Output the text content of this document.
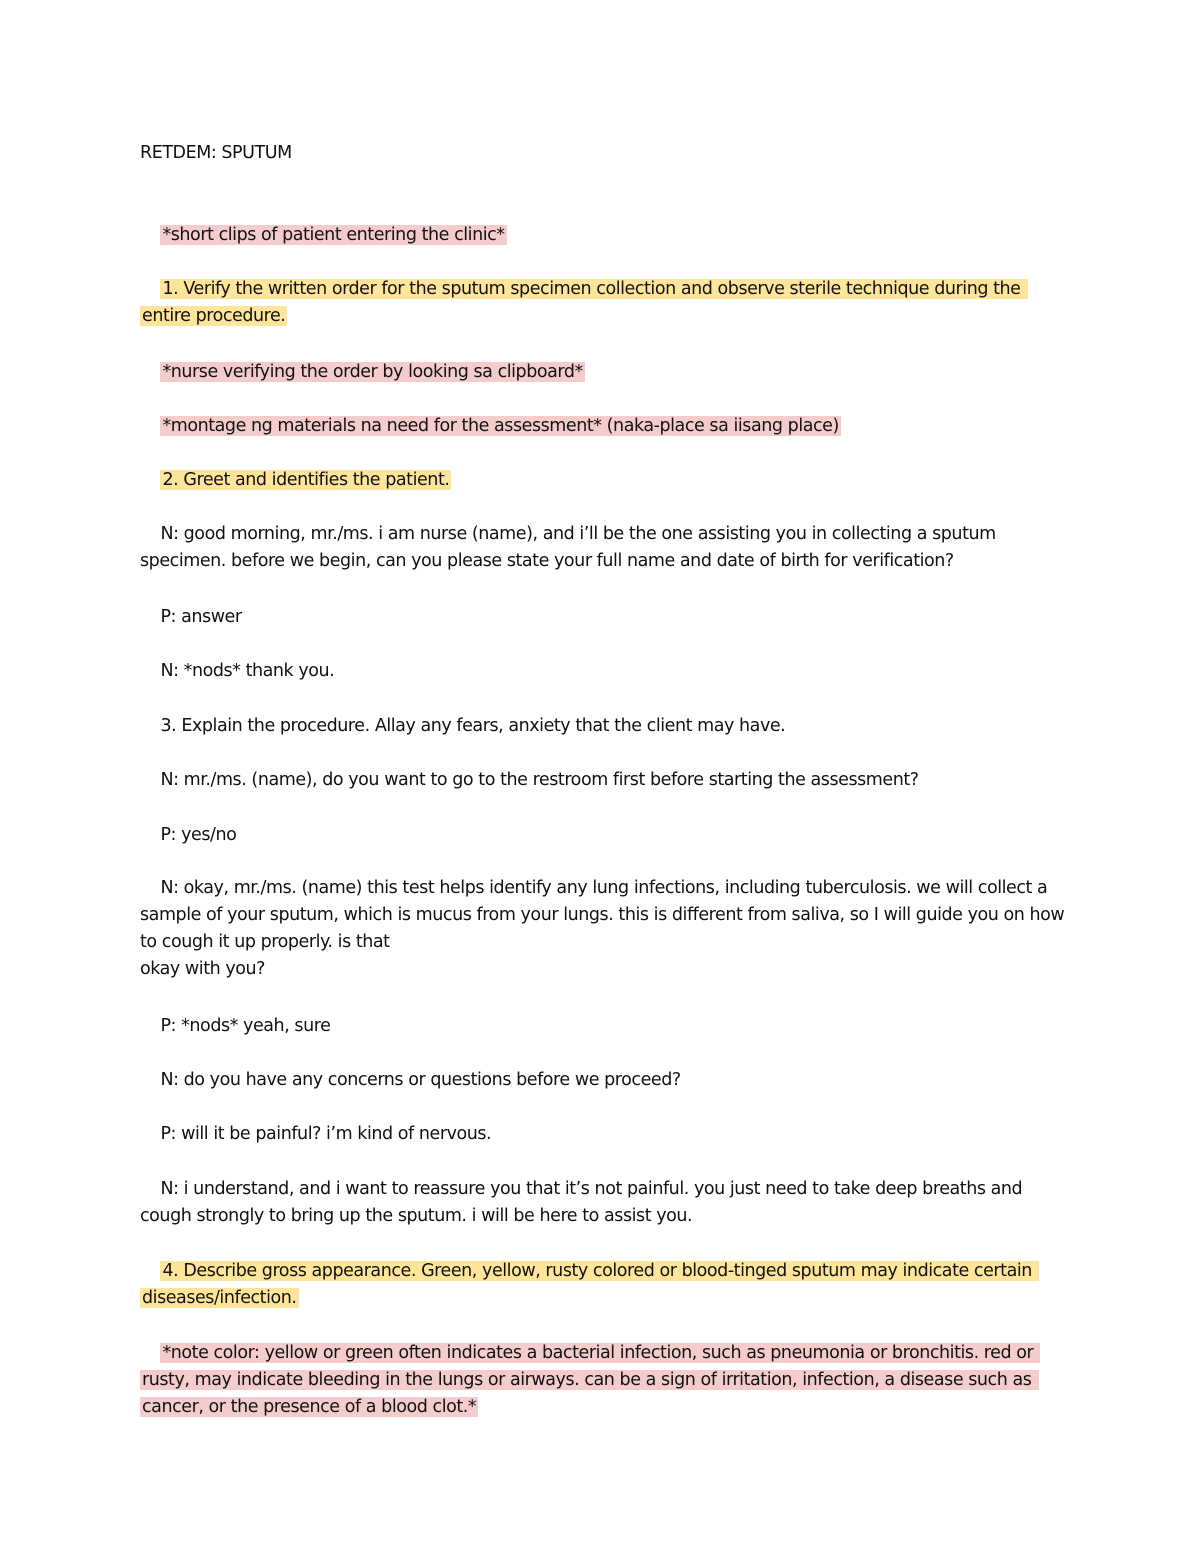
RETDEM: SPUTUM

*short clips of patient entering the clinic*

1. Verify the written order for the sputum specimen collection and observe sterile technique during the entire procedure.

*nurse verifying the order by looking sa clipboard*

*montage ng materials na need for the assessment* (naka-place sa iisang place)

2. Greet and identifies the patient.

N: good morning, mr./ms. i am nurse (name), and i’ll be the one assisting you in collecting a sputum specimen. before we begin, can you please state your full name and date of birth for verification?

P: answer

N: *nods* thank you.

3. Explain the procedure. Allay any fears, anxiety that the client may have.

N: mr./ms. (name), do you want to go to the restroom first before starting the assessment?

P: yes/no

N: okay, mr./ms. (name) this test helps identify any lung infections, including tuberculosis. we will collect a sample of your sputum, which is mucus from your lungs. this is different from saliva, so I will guide you on how to cough it up properly. is that
okay with you?

P: *nods* yeah, sure

N: do you have any concerns or questions before we proceed?

P: will it be painful? i’m kind of nervous.

N: i understand, and i want to reassure you that it’s not painful. you just need to take deep breaths and cough strongly to bring up the sputum. i will be here to assist you.

4. Describe gross appearance. Green, yellow, rusty colored or blood-tinged sputum may indicate certain diseases/infection.

*note color: yellow or green often indicates a bacterial infection, such as pneumonia or bronchitis. red or rusty, may indicate bleeding in the lungs or airways. can be a sign of irritation, infection, a disease such as cancer, or the presence of a blood clot.*
